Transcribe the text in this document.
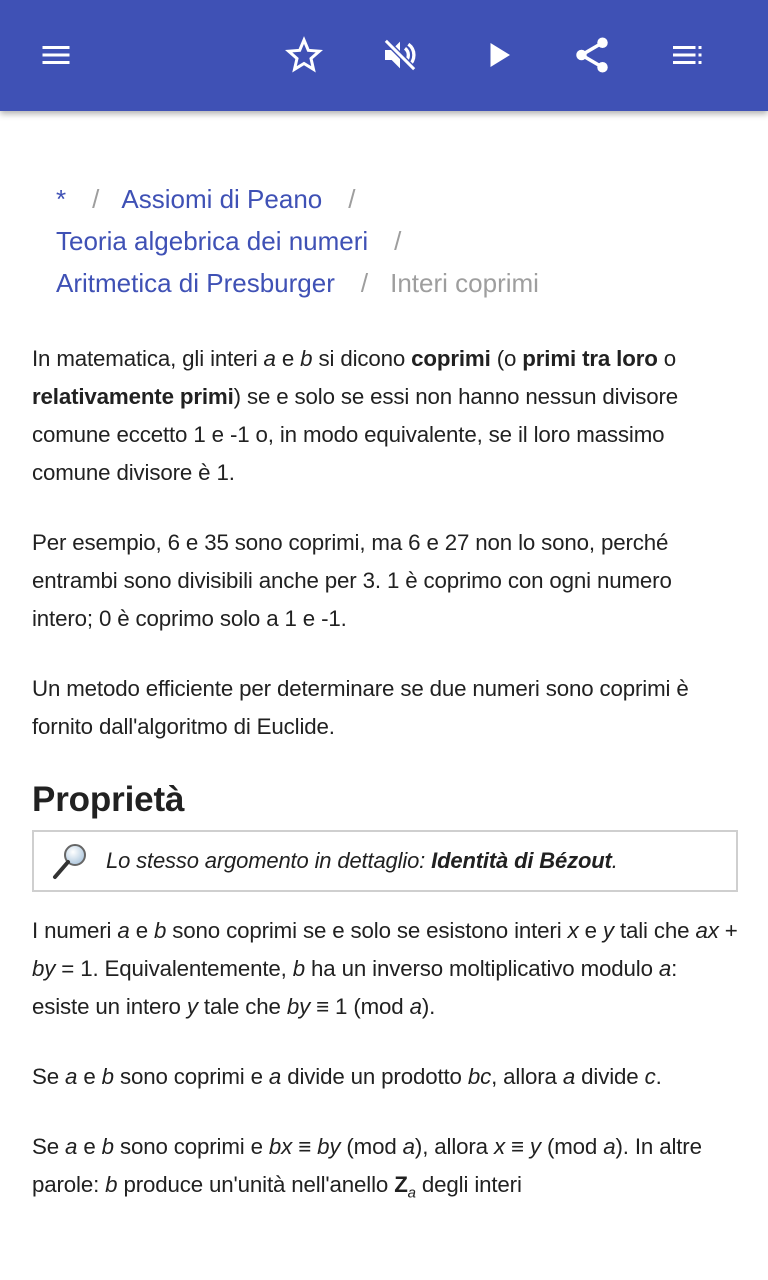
* / Assiomi di Peano /
Teoria algebrica dei numeri /
Aritmetica di Presburger / Interi coprimi

In matematica, gli interi a e b si dicono coprimi (o primi tra loro o relativamente primi) se e solo se essi non hanno nessun divisore comune eccetto 1 e -1 o, in modo equivalente, se il loro massimo comune divisore è 1.

Per esempio, 6 e 35 sono coprimi, ma 6 e 27 non lo sono, perché entrambi sono divisibili anche per 3. 1 è coprimo con ogni numero intero; 0 è coprimo solo a 1 e -1.

Un metodo efficiente per determinare se due numeri sono coprimi è fornito dall'algoritmo di Euclide.

Proprietà
Lo stesso argomento in dettaglio: Identità di Bézout.

I numeri a e b sono coprimi se e solo se esistono interi x e y tali che ax + by = 1. Equivalentemente, b ha un inverso moltiplicativo modulo a: esiste un intero y tale che by ≡ 1 (mod a).

Se a e b sono coprimi e a divide un prodotto bc, allora a divide c.

Se a e b sono coprimi e bx ≡ by (mod a), allora x ≡ y (mod a). In altre parole: b produce un'unità nell'anello $Z_a$ degli interi
